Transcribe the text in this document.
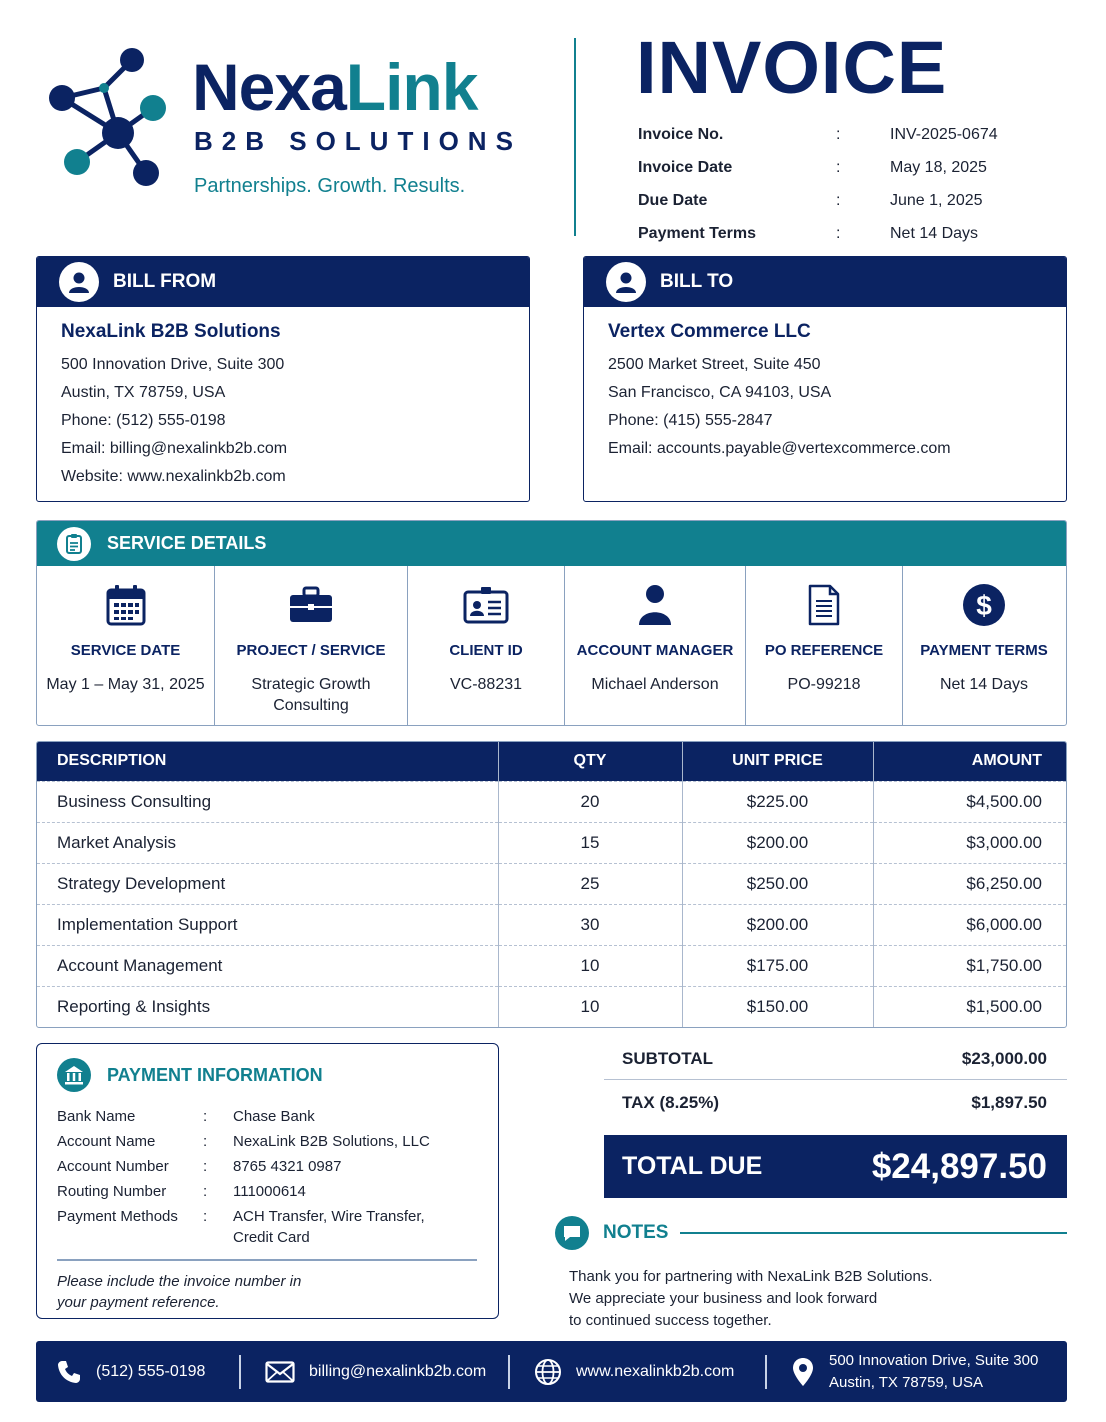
NexaLink
B2B SOLUTIONS
Partnerships. Growth. Results.
INVOICE
Invoice No.	:	INV-2025-0674
Invoice Date	:	May 18, 2025
Due Date	:	June 1, 2025
Payment Terms	:	Net 14 Days
BILL FROM
NexaLink B2B Solutions
500 Innovation Drive, Suite 300
Austin, TX 78759, USA
Phone: (512) 555-0198
Email: billing@nexalinkb2b.com
Website: www.nexalinkb2b.com
BILL TO
Vertex Commerce LLC
2500 Market Street, Suite 450
San Francisco, CA 94103, USA
Phone: (415) 555-2847
Email: accounts.payable@vertexcommerce.com
SERVICE DETAILS
SERVICE DATE
May 1 – May 31, 2025
PROJECT / SERVICE
Strategic Growth Consulting
CLIENT ID
VC-88231
ACCOUNT MANAGER
Michael Anderson
PO REFERENCE
PO-99218
$
PAYMENT TERMS
Net 14 Days
DESCRIPTION	QTY	UNIT PRICE	AMOUNT
Business Consulting	20	$225.00	$4,500.00
Market Analysis	15	$200.00	$3,000.00
Strategy Development	25	$250.00	$6,250.00
Implementation Support	30	$200.00	$6,000.00
Account Management	10	$175.00	$1,750.00
Reporting & Insights	10	$150.00	$1,500.00
PAYMENT INFORMATION
Bank Name	:	Chase Bank
Account Name	:	NexaLink B2B Solutions, LLC
Account Number	:	8765 4321 0987
Routing Number	:	111000614
Payment Methods	:	ACH Transfer, Wire Transfer, Credit Card
Please include the invoice number in your payment reference.
SUBTOTAL	$23,000.00
TAX (8.25%)	$1,897.50
TOTAL DUE	$24,897.50
NOTES
Thank you for partnering with NexaLink B2B Solutions.
We appreciate your business and look forward
to continued success together.
(512) 555-0198	billing@nexalinkb2b.com	www.nexalinkb2b.com
500 Innovation Drive, Suite 300
Austin, TX 78759, USA
